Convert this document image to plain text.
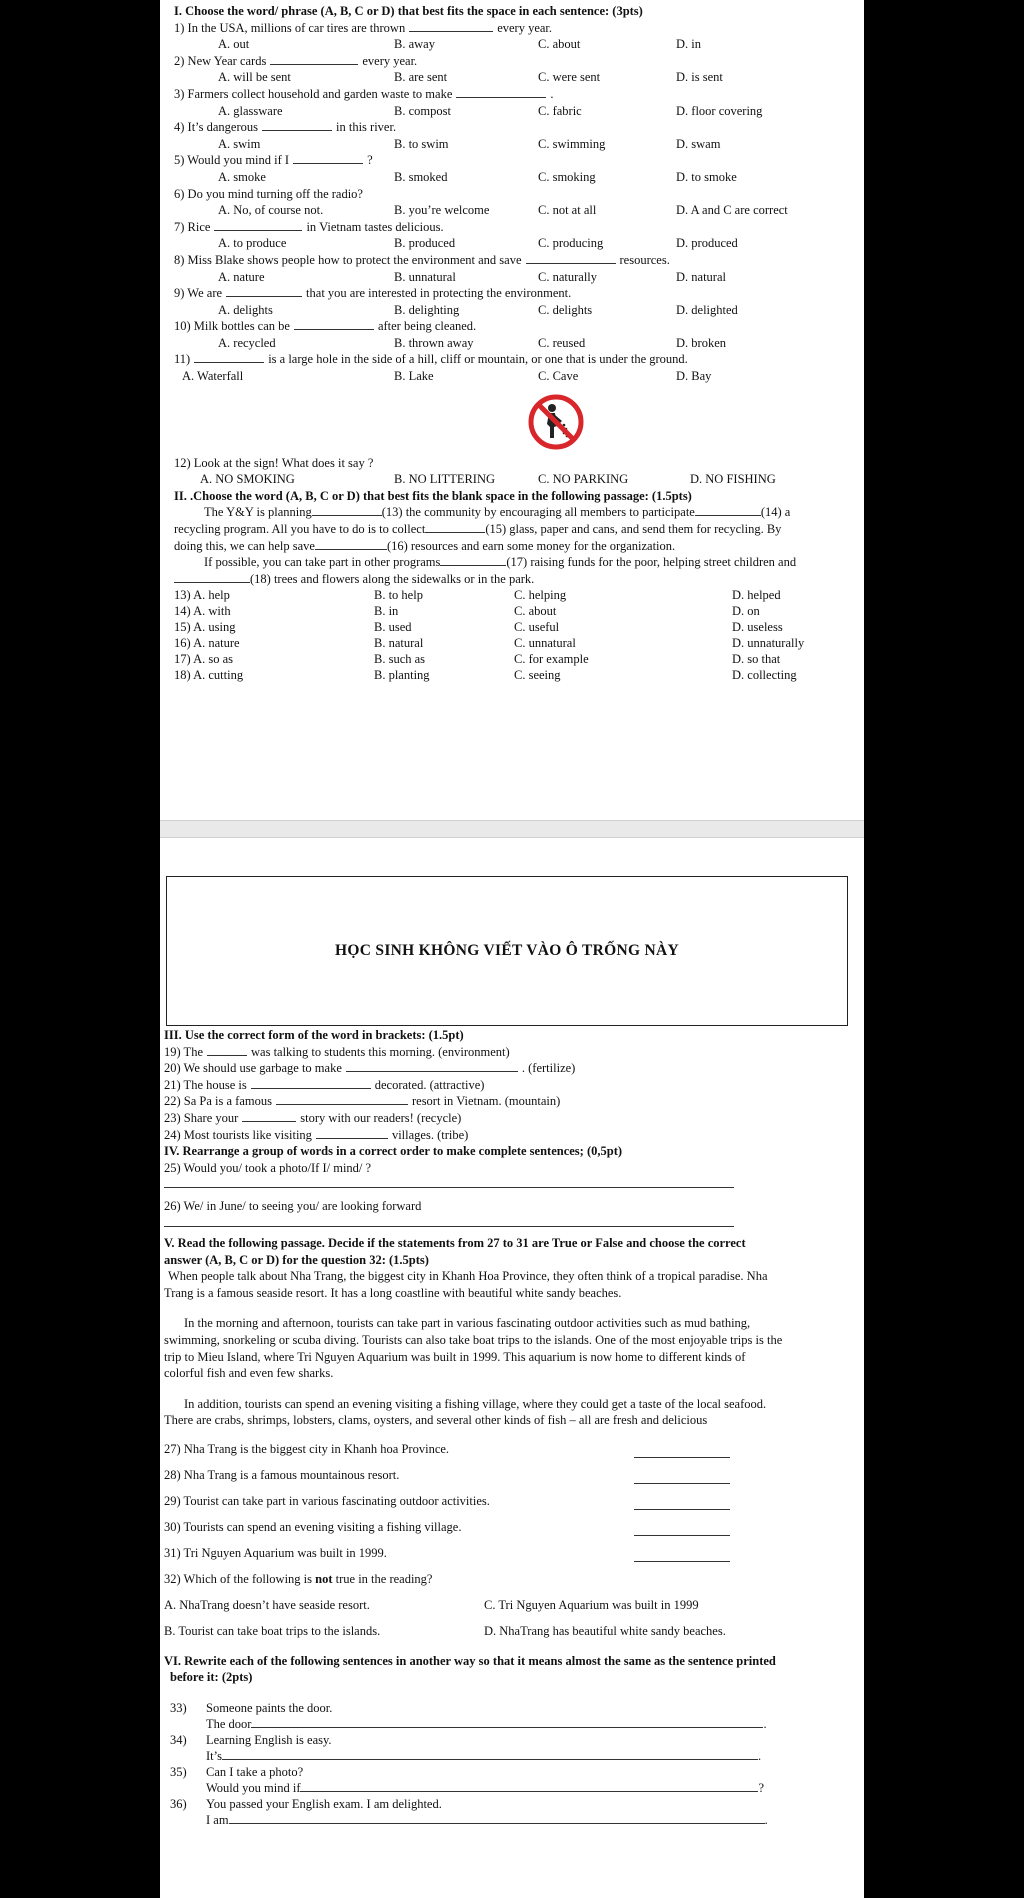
I. Choose the word/ phrase (A, B, C or D) that best fits the space in each sentence: (3pts)
1) In the USA, millions of car tires are thrown	every year.
A. out	B. away	C. about	D. in
2) New Year cards	every year.
A. will be sent	B. are sent	C. were sent	D. is sent
3) Farmers collect household and garden waste to make	.
A. glassware	B. compost	C. fabric	D. floor covering
4) It’s dangerous	in this river.
A. swim	B. to swim	C. swimming	D. swam
5) Would you mind if I	?
A. smoke	B. smoked	C. smoking	D. to smoke
6) Do you mind turning off the radio?
A. No, of course not.	B. you’re welcome	C. not at all	D. A and C are correct
7) Rice	in Vietnam tastes delicious.
A. to produce	B. produced	C. producing	D. produced
8) Miss Blake shows people how to protect the environment and save	resources.
A. nature	B. unnatural	C. naturally	D. natural
9) We are	that you are interested in protecting the environment.
A. delights	B. delighting	C. delights	D. delighted
10) Milk bottles can be	after being cleaned.
A. recycled	B. thrown away	C. reused	D. broken
11)	is a large hole in the side of a hill, cliff or mountain, or one that is under the ground.
A. Waterfall	B. Lake	C. Cave	D. Bay
12) Look at the sign! What does it say ?
A. NO SMOKING	B. NO LITTERING	C. NO PARKING	D. NO FISHING
II. .Choose the word (A, B, C or D) that best fits the blank space in the following passage: (1.5pts)
The Y&Y is planning	(13) the community by encouraging all members to participate	(14) a
recycling program. All you have to do is to collect	(15) glass, paper and cans, and send them for recycling. By
doing this, we can help save	(16) resources and earn some money for the organization.
If possible, you can take part in other programs	(17) raising funds for the poor, helping street children and
(18) trees and flowers along the sidewalks or in the park.
13) A. help	B. to help	C. helping	D. helped
14) A. with	B. in	C. about	D. on
15) A. using	B. used	C. useful	D. useless
16) A. nature	B. natural	C. unnatural	D. unnaturally
17) A. so as	B. such as	C. for example	D. so that
18) A. cutting	B. planting	C. seeing	D. collecting
HỌC SINH KHÔNG VIẾT VÀO Ô TRỐNG NÀY
III. Use the correct form of the word in brackets: (1.5pt)
19) The	was talking to students this morning. (environment)
20) We should use garbage to make	. (fertilize)
21) The house is	decorated. (attractive)
22) Sa Pa is a famous	resort in Vietnam. (mountain)
23) Share your	story with our readers! (recycle)
24) Most tourists like visiting	villages. (tribe)
IV. Rearrange a group of words in a correct order to make complete sentences; (0,5pt)
25) Would you/ took a photo/If I/ mind/ ?
26) We/ in June/ to seeing you/ are looking forward
V. Read the following passage. Decide if the statements from 27 to 31 are True or False and choose the correct
answer (A, B, C or D) for the question 32: (1.5pts)
When people talk about Nha Trang, the biggest city in Khanh Hoa Province, they often think of a tropical paradise. Nha
Trang is a famous seaside resort. It has a long coastline with beautiful white sandy beaches.
In the morning and afternoon, tourists can take part in various fascinating outdoor activities such as mud bathing,
swimming, snorkeling or scuba diving. Tourists can also take boat trips to the islands. One of the most enjoyable trips is the
trip to Mieu Island, where Tri Nguyen Aquarium was built in 1999. This aquarium is now home to different kinds of
colorful fish and even few sharks.
In addition, tourists can spend an evening visiting a fishing village, where they could get a taste of the local seafood.
There are crabs, shrimps, lobsters, clams, oysters, and several other kinds of fish – all are fresh and delicious
27) Nha Trang is the biggest city in Khanh hoa Province.
28) Nha Trang is a famous mountainous resort.
29) Tourist can take part in various fascinating outdoor activities.
30) Tourists can spend an evening visiting a fishing village.
31) Tri Nguyen Aquarium was built in 1999.
32) Which of the following is not true in the reading?
A. NhaTrang doesn’t have seaside resort.	C. Tri Nguyen Aquarium was built in 1999
B. Tourist can take boat trips to the islands.	D. NhaTrang has beautiful white sandy beaches.
VI. Rewrite each of the following sentences in another way so that it means almost the same as the sentence printed
before it: (2pts)
33) Someone paints the door.
The door	.
34) Learning English is easy.
It’s	.
35) Can I take a photo?
Would you mind if	?
36) You passed your English exam. I am delighted.
I am	.
